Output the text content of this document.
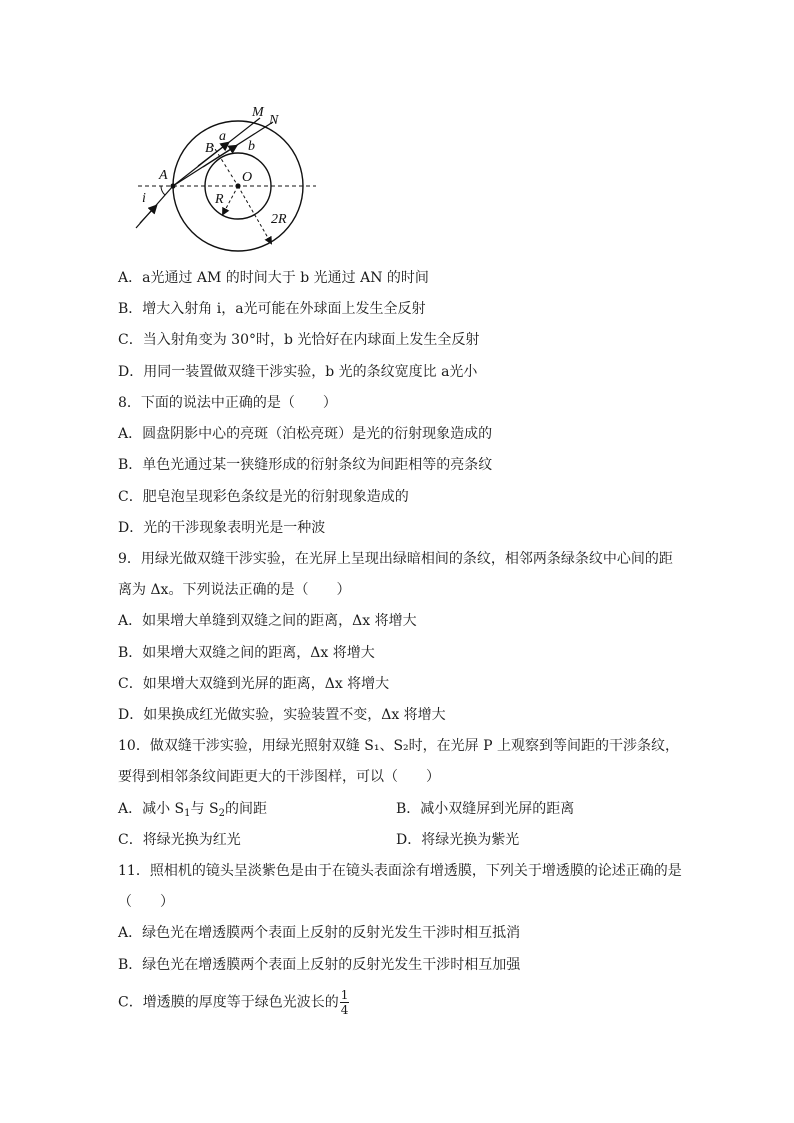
M
N
a
b
B
A	O
i	R
2R
A．a光通过 AM 的时间大于 b 光通过 AN 的时间
B．增大入射角 i，a光可能在外球面上发生全反射
C．当入射角变为 30°时，b 光恰好在内球面上发生全反射
D．用同一装置做双缝干涉实验，b 光的条纹宽度比 a光小
8．下面的说法中正确的是（　　）
A．圆盘阴影中心的亮斑（泊松亮斑）是光的衍射现象造成的
B．单色光通过某一狭缝形成的衍射条纹为间距相等的亮条纹
C．肥皂泡呈现彩色条纹是光的衍射现象造成的
D．光的干涉现象表明光是一种波
9．用绿光做双缝干涉实验，在光屏上呈现出绿暗相间的条纹，相邻两条绿条纹中心间的距
离为 Δx。下列说法正确的是（　　）
A．如果增大单缝到双缝之间的距离，Δx 将增大
B．如果增大双缝之间的距离，Δx 将增大
C．如果增大双缝到光屏的距离，Δx 将增大
D．如果换成红光做实验，实验装置不变，Δx 将增大
10．做双缝干涉实验，用绿光照射双缝 S₁、S₂时，在光屏 P 上观察到等间距的干涉条纹，
要得到相邻条纹间距更大的干涉图样，可以（　　）
A．减小 $S_1$与 $S_2$的间距	B．减小双缝屏到光屏的距离
C．将绿光换为红光	D．将绿光换为紫光
11．照相机的镜头呈淡紫色是由于在镜头表面涂有增透膜，下列关于增透膜的论述正确的是
（　　）
A．绿色光在增透膜两个表面上反射的反射光发生干涉时相互抵消
B．绿色光在增透膜两个表面上反射的反射光发生干涉时相互加强
C．增透膜的厚度等于绿色光波长的 $\frac{1}{4}$
